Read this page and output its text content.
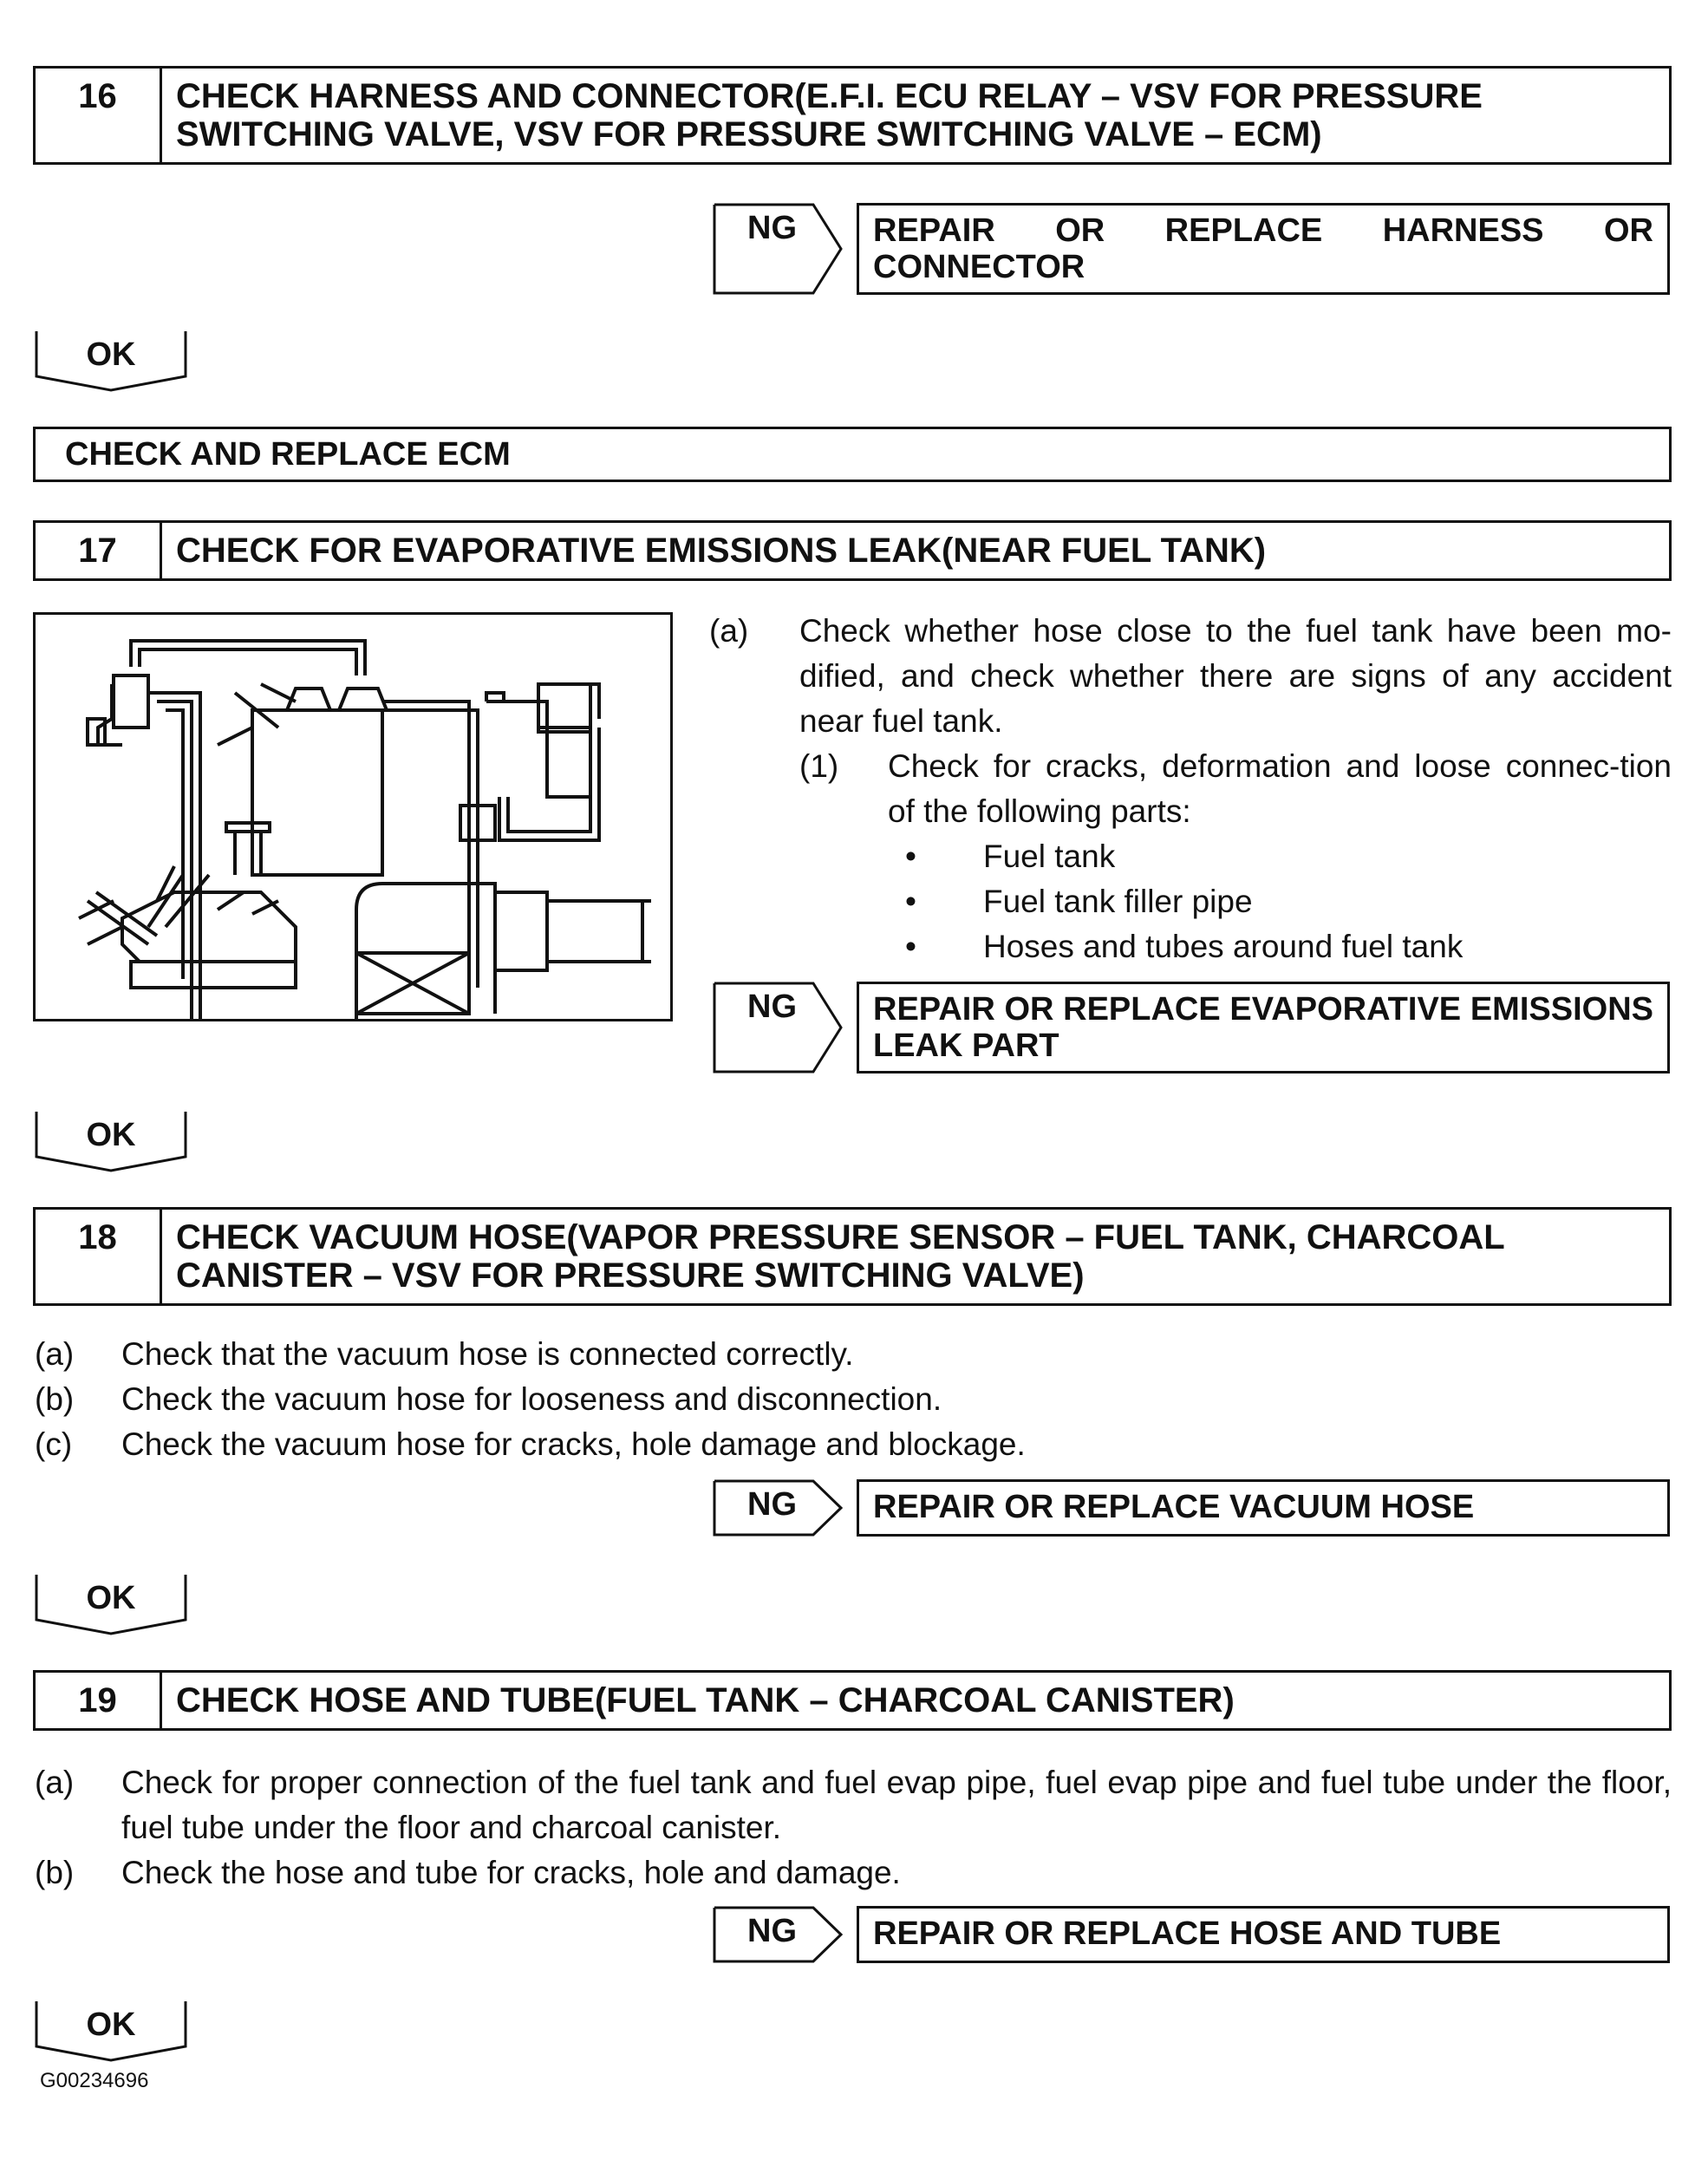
16	CHECK HARNESS AND CONNECTOR(E.F.I. ECU RELAY – VSV FOR PRESSURE SWITCHING VALVE, VSV FOR PRESSURE SWITCHING VALVE – ECM)
NG	REPAIR OR REPLACE HARNESS OR CONNECTOR
OK
CHECK AND REPLACE ECM
17	CHECK FOR EVAPORATIVE EMISSIONS LEAK(NEAR FUEL TANK)
(a) Check whether hose close to the fuel tank have been mo-dified, and check whether there are signs of any accident near fuel tank.
(1) Check for cracks, deformation and loose connec-tion of the following parts:
• Fuel tank
• Fuel tank filler pipe
• Hoses and tubes around fuel tank
NG	REPAIR OR REPLACE EVAPORATIVE EMISSIONS LEAK PART
OK
18	CHECK VACUUM HOSE(VAPOR PRESSURE SENSOR – FUEL TANK, CHARCOAL CANISTER – VSV FOR PRESSURE SWITCHING VALVE)
(a) Check that the vacuum hose is connected correctly.
(b) Check the vacuum hose for looseness and disconnection.
(c) Check the vacuum hose for cracks, hole damage and blockage.
NG	REPAIR OR REPLACE VACUUM HOSE
OK
19	CHECK HOSE AND TUBE(FUEL TANK – CHARCOAL CANISTER)
(a) Check for proper connection of the fuel tank and fuel evap pipe, fuel evap pipe and fuel tube under the floor, fuel tube under the floor and charcoal canister.
(b) Check the hose and tube for cracks, hole and damage.
NG	REPAIR OR REPLACE HOSE AND TUBE
OK
G00234696
